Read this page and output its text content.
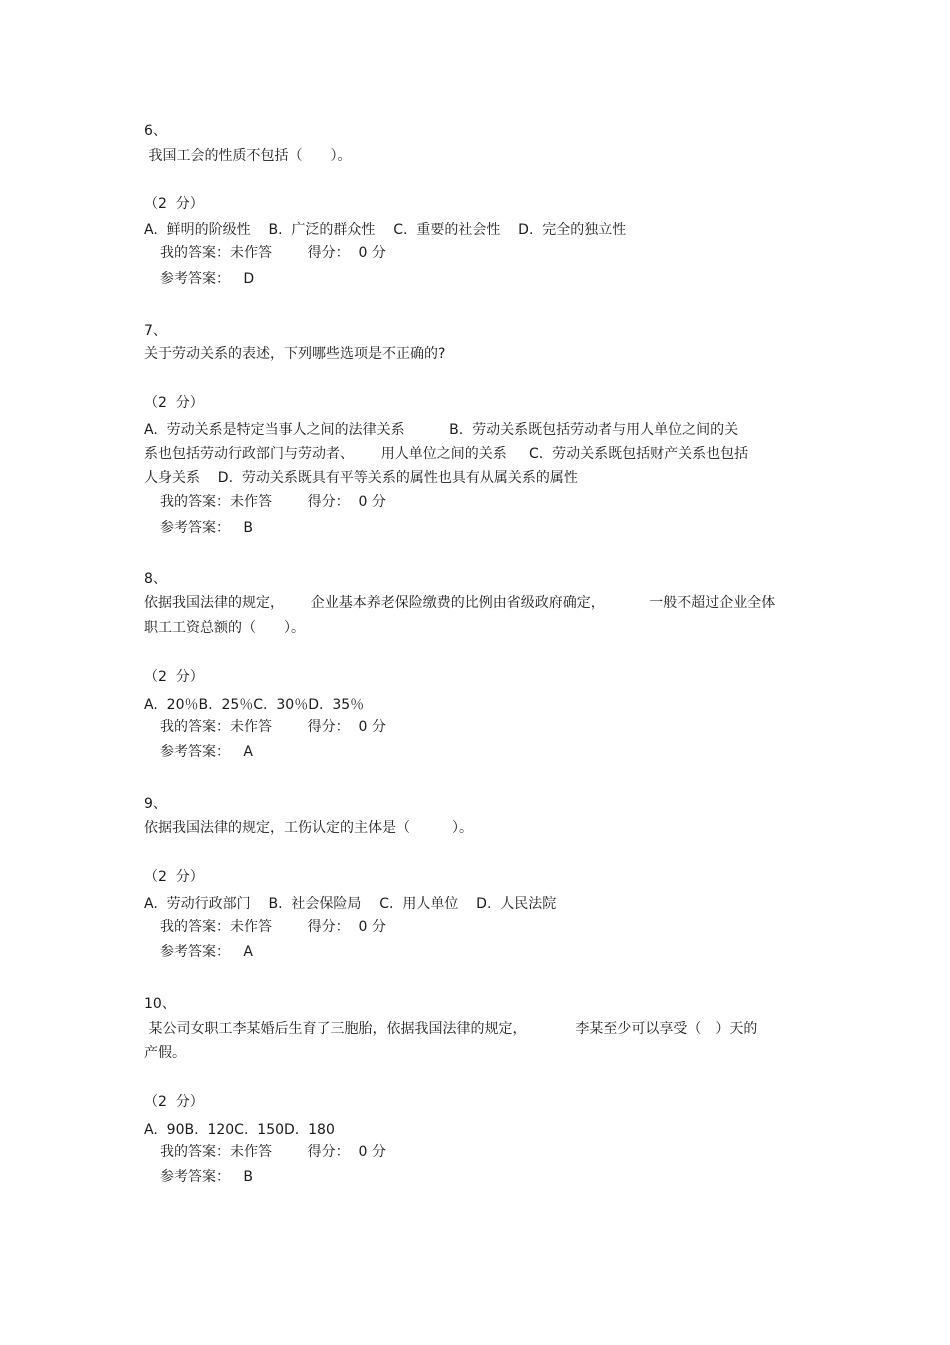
6、
我国工会的性质不包括（　　）。
（2  分）
A.  鲜明的阶级性    B.  广泛的群众性    C.  重要的社会性    D.  完全的独立性
我的答案：未作答        得分：  0 分
参考答案：   D
7、
关于劳动关系的表述，下列哪些选项是不正确的?
（2  分）
A.  劳动关系是特定当事人之间的法律关系          B.  劳动关系既包括劳动者与用人单位之间的关
系也包括劳动行政部门与劳动者、      用人单位之间的关系     C.  劳动关系既包括财产关系也包括
人身关系    D.  劳动关系既具有平等关系的属性也具有从属关系的属性
我的答案：未作答        得分：  0 分
参考答案：   B
8、
依据我国法律的规定，      企业基本养老保险缴费的比例由省级政府确定，          一般不超过企业全体
职工工资总额的（　　）。
（2  分）
A.  20％B.  25％C.  30％D.  35％
我的答案：未作答        得分：  0 分
参考答案：   A
9、
依据我国法律的规定，工伤认定的主体是（　　　）。
（2  分）
A.  劳动行政部门    B.  社会保险局    C.  用人单位    D.  人民法院
我的答案：未作答        得分：  0 分
参考答案：   A
10、
某公司女职工李某婚后生育了三胞胎，依据我国法律的规定，           李某至少可以享受（　）天的
产假。
（2  分）
A.  90B.  120C.  150D.  180
我的答案：未作答        得分：  0 分
参考答案：   B
